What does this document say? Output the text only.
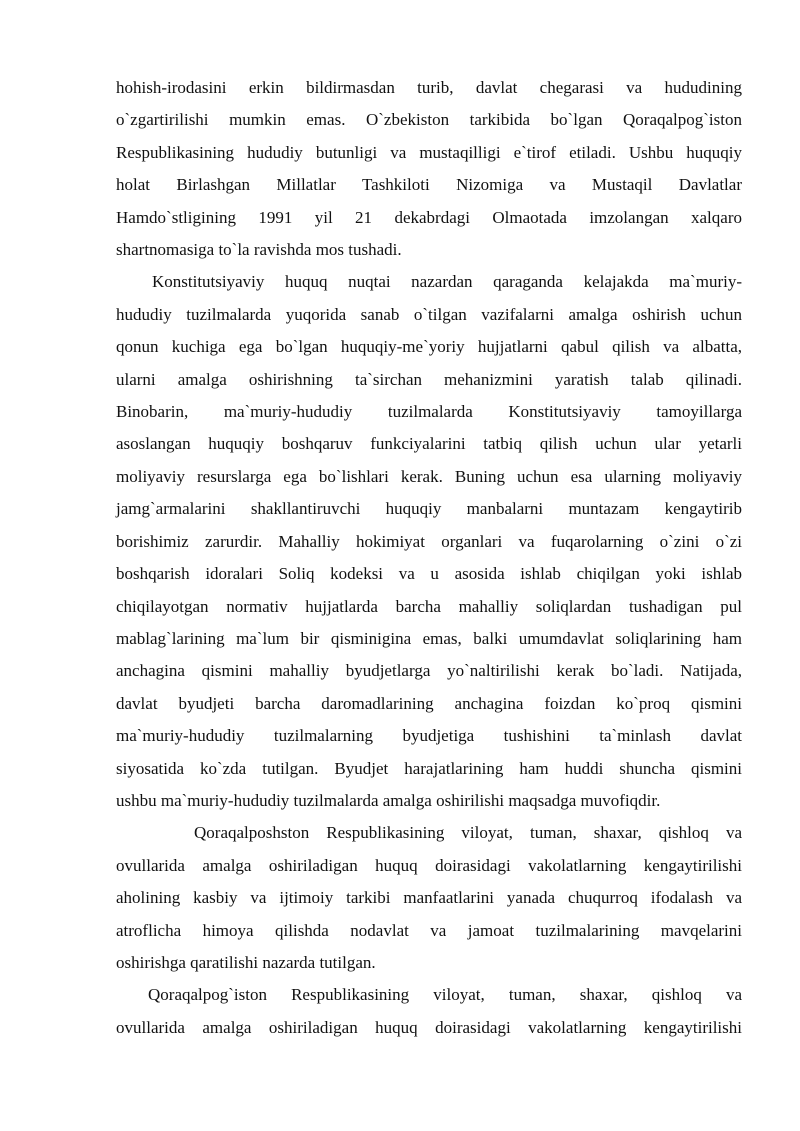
hohish-irodasini erkin bildirmasdan turib, davlat chegarasi va hududining
o`zgartirilishi mumkin emas. O`zbekiston tarkibida bo`lgan Qoraqalpog`iston
Respublikasining hududiy butunligi va mustaqilligi e`tirof etiladi. Ushbu huquqiy
holat Birlashgan Millatlar Tashkiloti Nizomiga va Mustaqil Davlatlar
Hamdo`stligining 1991 yil 21 dekabrdagi Olmaotada imzolangan xalqaro
shartnomasiga to`la ravishda mos tushadi.
Konstitutsiyaviy huquq nuqtai nazardan qaraganda kelajakda ma`muriy-
hududiy tuzilmalarda yuqorida sanab o`tilgan vazifalarni amalga oshirish uchun
qonun kuchiga ega bo`lgan huquqiy-me`yoriy hujjatlarni qabul qilish va albatta,
ularni amalga oshirishning ta`sirchan mehanizmini yaratish talab qilinadi.
Binobarin, ma`muriy-hududiy tuzilmalarda Konstitutsiyaviy tamoyillarga
asoslangan huquqiy boshqaruv funkciyalarini tatbiq qilish uchun ular yetarli
moliyaviy resurslarga ega bo`lishlari kerak. Buning uchun esa ularning moliyaviy
jamg`armalarini shakllantiruvchi huquqiy manbalarni muntazam kengaytirib
borishimiz zarurdir. Mahalliy hokimiyat organlari va fuqarolarning o`zini o`zi
boshqarish idoralari Soliq kodeksi va u asosida ishlab chiqilgan yoki ishlab
chiqilayotgan normativ hujjatlarda barcha mahalliy soliqlardan tushadigan pul
mablag`larining ma`lum bir qisminigina emas, balki umumdavlat soliqlarining ham
anchagina qismini mahalliy byudjetlarga yo`naltirilishi kerak bo`ladi. Natijada,
davlat byudjeti barcha daromadlarining anchagina foizdan ko`proq qismini
ma`muriy-hududiy tuzilmalarning byudjetiga tushishini ta`minlash davlat
siyosatida ko`zda tutilgan. Byudjet harajatlarining ham huddi shuncha qismini
ushbu ma`muriy-hududiy tuzilmalarda amalga oshirilishi maqsadga muvofiqdir.
Qoraqalposhston Respublikasining viloyat, tuman, shaxar, qishloq va
ovullarida amalga oshiriladigan huquq doirasidagi vakolatlarning kengaytirilishi
aholining kasbiy va ijtimoiy tarkibi manfaatlarini yanada chuqurroq ifodalash va
atroflicha himoya qilishda nodavlat va jamoat tuzilmalarining mavqelarini
oshirishga qaratilishi nazarda tutilgan.
Qoraqalpog`iston Respublikasining viloyat, tuman, shaxar, qishloq va
ovullarida amalga oshiriladigan huquq doirasidagi vakolatlarning kengaytirilishi
